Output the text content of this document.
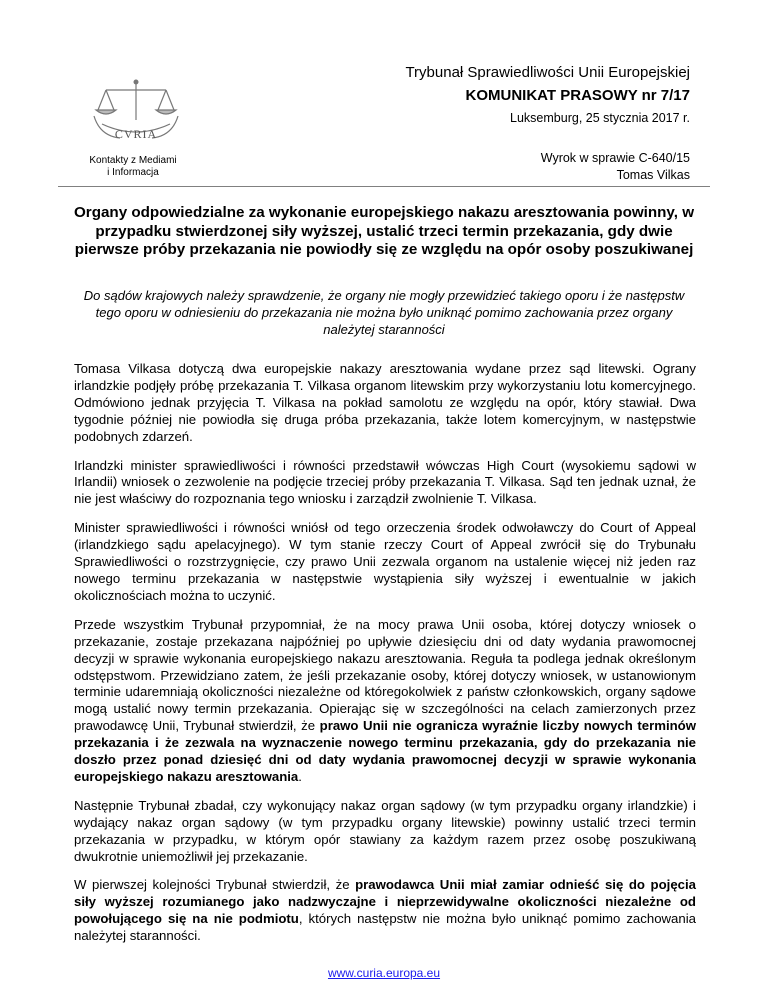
CVRIA
Kontakty z Mediami
i Informacja
Trybunał Sprawiedliwości Unii Europejskiej
KOMUNIKAT PRASOWY nr 7/17
Luksemburg, 25 stycznia 2017 r.
Wyrok w sprawie C-640/15
Tomas Vilkas
Organy odpowiedzialne za wykonanie europejskiego nakazu aresztowania powinny, w przypadku stwierdzonej siły wyższej, ustalić trzeci termin przekazania, gdy dwie pierwsze próby przekazania nie powiodły się ze względu na opór osoby poszukiwanej
Do sądów krajowych należy sprawdzenie, że organy nie mogły przewidzieć takiego oporu i że następstw tego oporu w odniesieniu do przekazania nie można było uniknąć pomimo zachowania przez organy należytej staranności

Tomasa Vilkasa dotyczą dwa europejskie nakazy aresztowania wydane przez sąd litewski. Ograny irlandzkie podjęły próbę przekazania T. Vilkasa organom litewskim przy wykorzystaniu lotu komercyjnego. Odmówiono jednak przyjęcia T. Vilkasa na pokład samolotu ze względu na opór, który stawiał. Dwa tygodnie później nie powiodła się druga próba przekazania, także lotem komercyjnym, w następstwie podobnych zdarzeń.

Irlandzki minister sprawiedliwości i równości przedstawił wówczas High Court (wysokiemu sądowi w Irlandii) wniosek o zezwolenie na podjęcie trzeciej próby przekazania T. Vilkasa. Sąd ten jednak uznał, że nie jest właściwy do rozpoznania tego wniosku i zarządził zwolnienie T. Vilkasa.

Minister sprawiedliwości i równości wniósł od tego orzeczenia środek odwoławczy do Court of Appeal (irlandzkiego sądu apelacyjnego). W tym stanie rzeczy Court of Appeal zwrócił się do Trybunału Sprawiedliwości o rozstrzygnięcie, czy prawo Unii zezwala organom na ustalenie więcej niż jeden raz nowego terminu przekazania w następstwie wystąpienia siły wyższej i ewentualnie w jakich okolicznościach można to uczynić.

Przede wszystkim Trybunał przypomniał, że na mocy prawa Unii osoba, której dotyczy wniosek o przekazanie, zostaje przekazana najpóźniej po upływie dziesięciu dni od daty wydania prawomocnej decyzji w sprawie wykonania europejskiego nakazu aresztowania. Reguła ta podlega jednak określonym odstępstwom. Przewidziano zatem, że jeśli przekazanie osoby, której dotyczy wniosek, w ustanowionym terminie udaremniają okoliczności niezależne od któregokolwiek z państw członkowskich, organy sądowe mogą ustalić nowy termin przekazania. Opierając się w szczególności na celach zamierzonych przez prawodawcę Unii, Trybunał stwierdził, że prawo Unii nie ogranicza wyraźnie liczby nowych terminów przekazania i że zezwala na wyznaczenie nowego terminu przekazania, gdy do przekazania nie doszło przez ponad dziesięć dni od daty wydania prawomocnej decyzji w sprawie wykonania europejskiego nakazu aresztowania.

Następnie Trybunał zbadał, czy wykonujący nakaz organ sądowy (w tym przypadku organy irlandzkie) i wydający nakaz organ sądowy (w tym przypadku organy litewskie) powinny ustalić trzeci termin przekazania w przypadku, w którym opór stawiany za każdym razem przez osobę poszukiwaną dwukrotnie uniemożliwił jej przekazanie.

W pierwszej kolejności Trybunał stwierdził, że prawodawca Unii miał zamiar odnieść się do pojęcia siły wyższej rozumianego jako nadzwyczajne i nieprzewidywalne okoliczności niezależne od powołującego się na nie podmiotu, których następstw nie można było uniknąć pomimo zachowania należytej staranności.

www.curia.europa.eu
